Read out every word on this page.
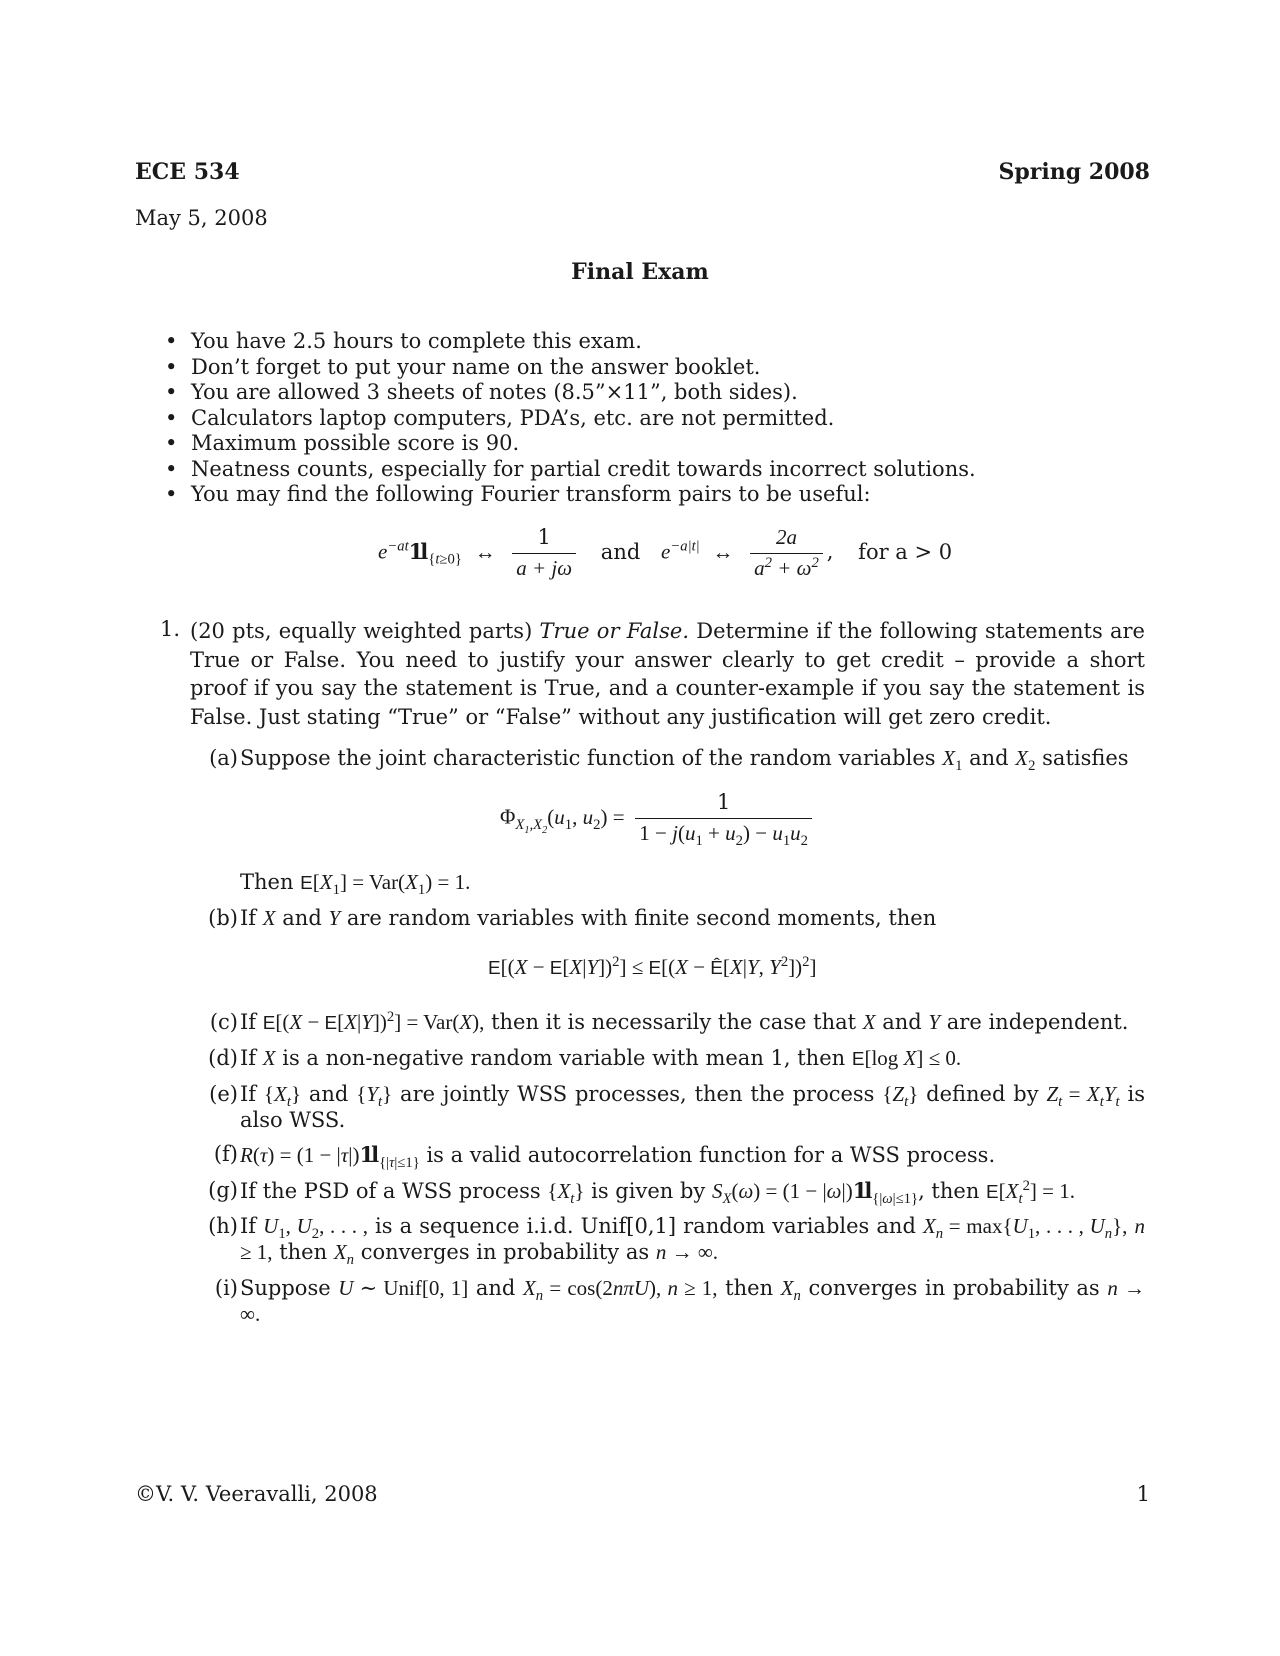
ECE 534	Spring 2008
May 5, 2008
Final Exam
• You have 2.5 hours to complete this exam.
• Don’t forget to put your name on the answer booklet.
• You are allowed 3 sheets of notes (8.5”×11”, both sides).
• Calculators laptop computers, PDA’s, etc. are not permitted.
• Maximum possible score is 90.
• Neatness counts, especially for partial credit towards incorrect solutions.
• You may find the following Fourier transform pairs to be useful:
$e^{-at}1l$ $_{\{t\ge 0\}}$ ↔ $\frac{1}{a + j\omega}$ and $e^{-a|t|}$ ↔ $\frac{2a}{a^2 + \omega^2}$ , for a > 0
1. (20 pts, equally weighted parts) True or False. Determine if the following statements are True or False. You need to justify your answer clearly to get credit – provide a short proof if you say the statement is True, and a counter-example if you say the statement is False. Just stating “True” or “False” without any justification will get zero credit.
(a) Suppose the joint characteristic function of the random variables $X_1$ and $X_2$ satisfies
$\Phi_{X_1,X_2}(u_1$, $u_2) = \frac{1}{1 - j(u_1 + u_2) - u_1u_2}$
Then $E[X_1] = Var(X_1) = 1$.
(b) If X and Y are random variables with finite second moments, then
$E[(X - E[X|Y])^2] \le E[(X$ − Ê[X|Y, $Y^2])^2$]
(c) If $E[(X - E[X|Y])^2] = Var(X)$, then it is necessarily the case that X and Y are independent.
(d) If X is a non-negative random variable with mean 1, then E[log X] ≤ 0.
(e) If $\{X_t\}$ and $\{Y_t\}$ are jointly WSS processes, then the process $\{Z_t\}$ defined by $Z_t = X_tY_t$ is also WSS.
(f) R(τ) = (1 − |τ|)1l $_{\{|\tau|\le 1\}}$ is a valid autocorrelation function for a WSS process.
(g) If the PSD of a WSS process $\{X_t\}$ is given by $S_X(\omega) = (1 - |\omega|)1l$ $_{\{|\omega|\le 1\}}$, then $E[X_t^2] = 1$.
(h) If $U_1$, $U_2$, . . . , is a sequence i.i.d. Unif[0,1] random variables and $X_n = \max\{U_1$, . . . , $U_n$}, n ≥ 1, then $X_n$ converges in probability as n → ∞.
(i) Suppose U ∼ Unif[0, 1] and $X_n = \cos(2n\pi U)$, n ≥ 1, then $X_n$ converges in probability as n → ∞.
©V. V. Veeravalli, 2008	1
